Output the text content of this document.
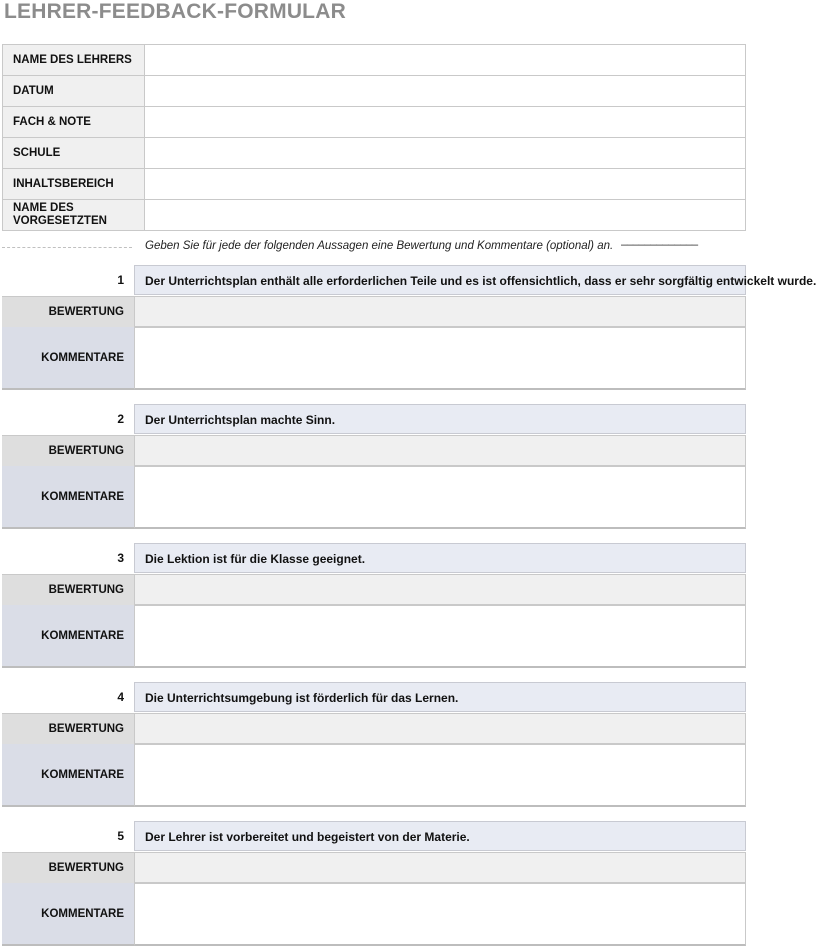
LEHRER-FEEDBACK-FORMULAR
NAME DES LEHRERS	
DATUM	
FACH & NOTE	
SCHULE	
INHALTSBEREICH	
NAME DES VORGESETZTEN	
Geben Sie für jede der folgenden Aussagen eine Bewertung und Kommentare (optional) an. –––––––––––––
1	Der Unterrichtsplan enthält alle erforderlichen Teile und es ist offensichtlich, dass er sehr sorgfältig entwickelt wurde.
BEWERTUNG
KOMMENTARE
2	Der Unterrichtsplan machte Sinn.
BEWERTUNG
KOMMENTARE
3	Die Lektion ist für die Klasse geeignet.
BEWERTUNG
KOMMENTARE
4	Die Unterrichtsumgebung ist förderlich für das Lernen.
BEWERTUNG
KOMMENTARE
5	Der Lehrer ist vorbereitet und begeistert von der Materie.
BEWERTUNG
KOMMENTARE
